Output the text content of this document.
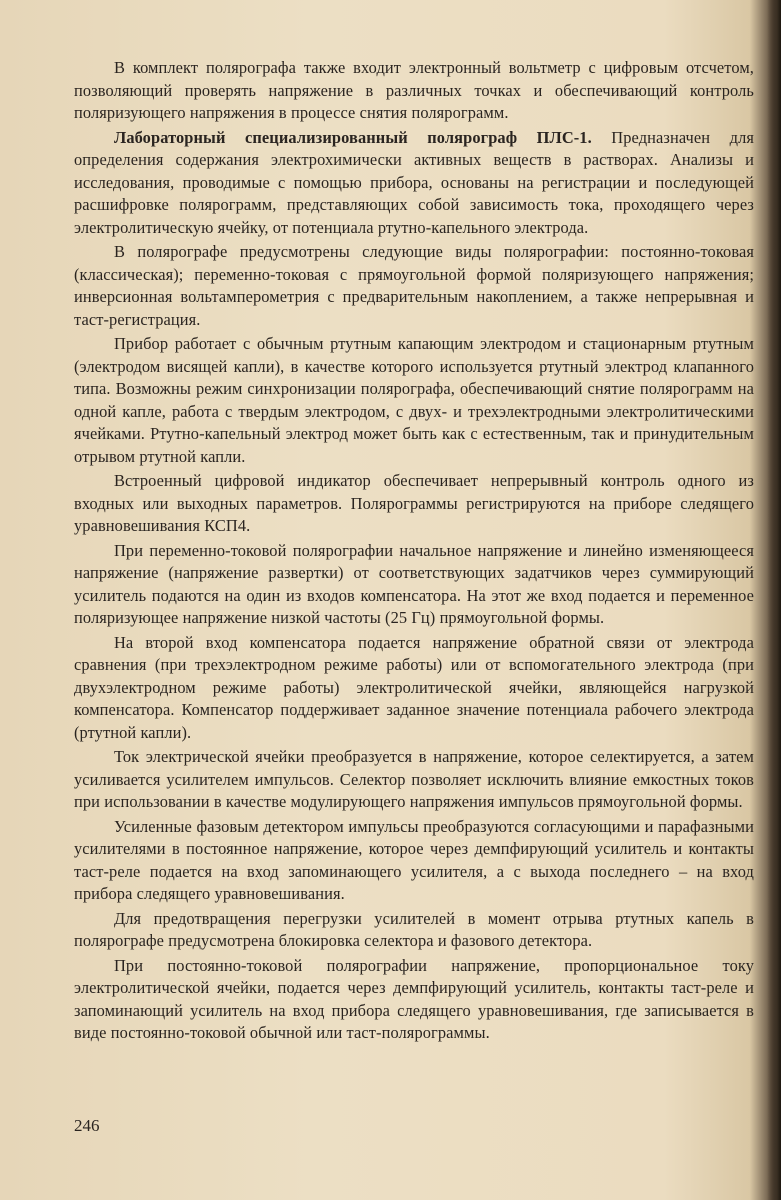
В комплект полярографа также входит электронный вольтметр с цифровым отсчетом, позволяющий проверять напряжение в различных точках и обеспечивающий контроль поляризующего напряжения в процессе снятия полярограмм.

Лабораторный специализированный полярограф ПЛС-1. Предназначен для определения содержания электрохимически активных веществ в растворах. Анализы и исследования, проводимые с помощью прибора, основаны на регистрации и последующей расшифровке полярограмм, представляющих собой зависимость тока, проходящего через электролитическую ячейку, от потенциала ртутно-капельного электрода.

В полярографе предусмотрены следующие виды полярографии: постоянно-токовая (классическая); переменно-токовая с прямоугольной формой поляризующего напряжения; инверсионная вольтамперометрия с предварительным накоплением, а также непрерывная и таст-регистрация.

Прибор работает с обычным ртутным капающим электродом и стационарным ртутным (электродом висящей капли), в качестве которого используется ртутный электрод клапанного типа. Возможны режим синхронизации полярографа, обеспечивающий снятие полярограмм на одной капле, работа с твердым электродом, с двух- и трехэлектродными электролитическими ячейками. Ртутно-капельный электрод может быть как с естественным, так и принудительным отрывом ртутной капли.

Встроенный цифровой индикатор обеспечивает непрерывный контроль одного из входных или выходных параметров. Полярограммы регистрируются на приборе следящего уравновешивания КСП4.

При переменно-токовой полярографии начальное напряжение и линейно изменяющееся напряжение (напряжение развертки) от соответствующих задатчиков через суммирующий усилитель подаются на один из входов компенсатора. На этот же вход подается и переменное поляризующее напряжение низкой частоты (25 Гц) прямоугольной формы.

На второй вход компенсатора подается напряжение обратной связи от электрода сравнения (при трехэлектродном режиме работы) или от вспомогательного электрода (при двухэлектродном режиме работы) электролитической ячейки, являющейся нагрузкой компенсатора. Компенсатор поддерживает заданное значение потенциала рабочего электрода (ртутной капли).

Ток электрической ячейки преобразуется в напряжение, которое селектируется, а затем усиливается усилителем импульсов. Селектор позволяет исключить влияние емкостных токов при использовании в качестве модулирующего напряжения импульсов прямоугольной формы.

Усиленные фазовым детектором импульсы преобразуются согласующими и парафазными усилителями в постоянное напряжение, которое через демпфирующий усилитель и контакты таст-реле подается на вход запоминающего усилителя, а с выхода последнего – на вход прибора следящего уравновешивания.

Для предотвращения перегрузки усилителей в момент отрыва ртутных капель в полярографе предусмотрена блокировка селектора и фазового детектора.

При постоянно-токовой полярографии напряжение, пропорциональное току электролитической ячейки, подается через демпфирующий усилитель, контакты таст-реле и запоминающий усилитель на вход прибора следящего уравновешивания, где записывается в виде постоянно-токовой обычной или таст-полярограммы.

246
